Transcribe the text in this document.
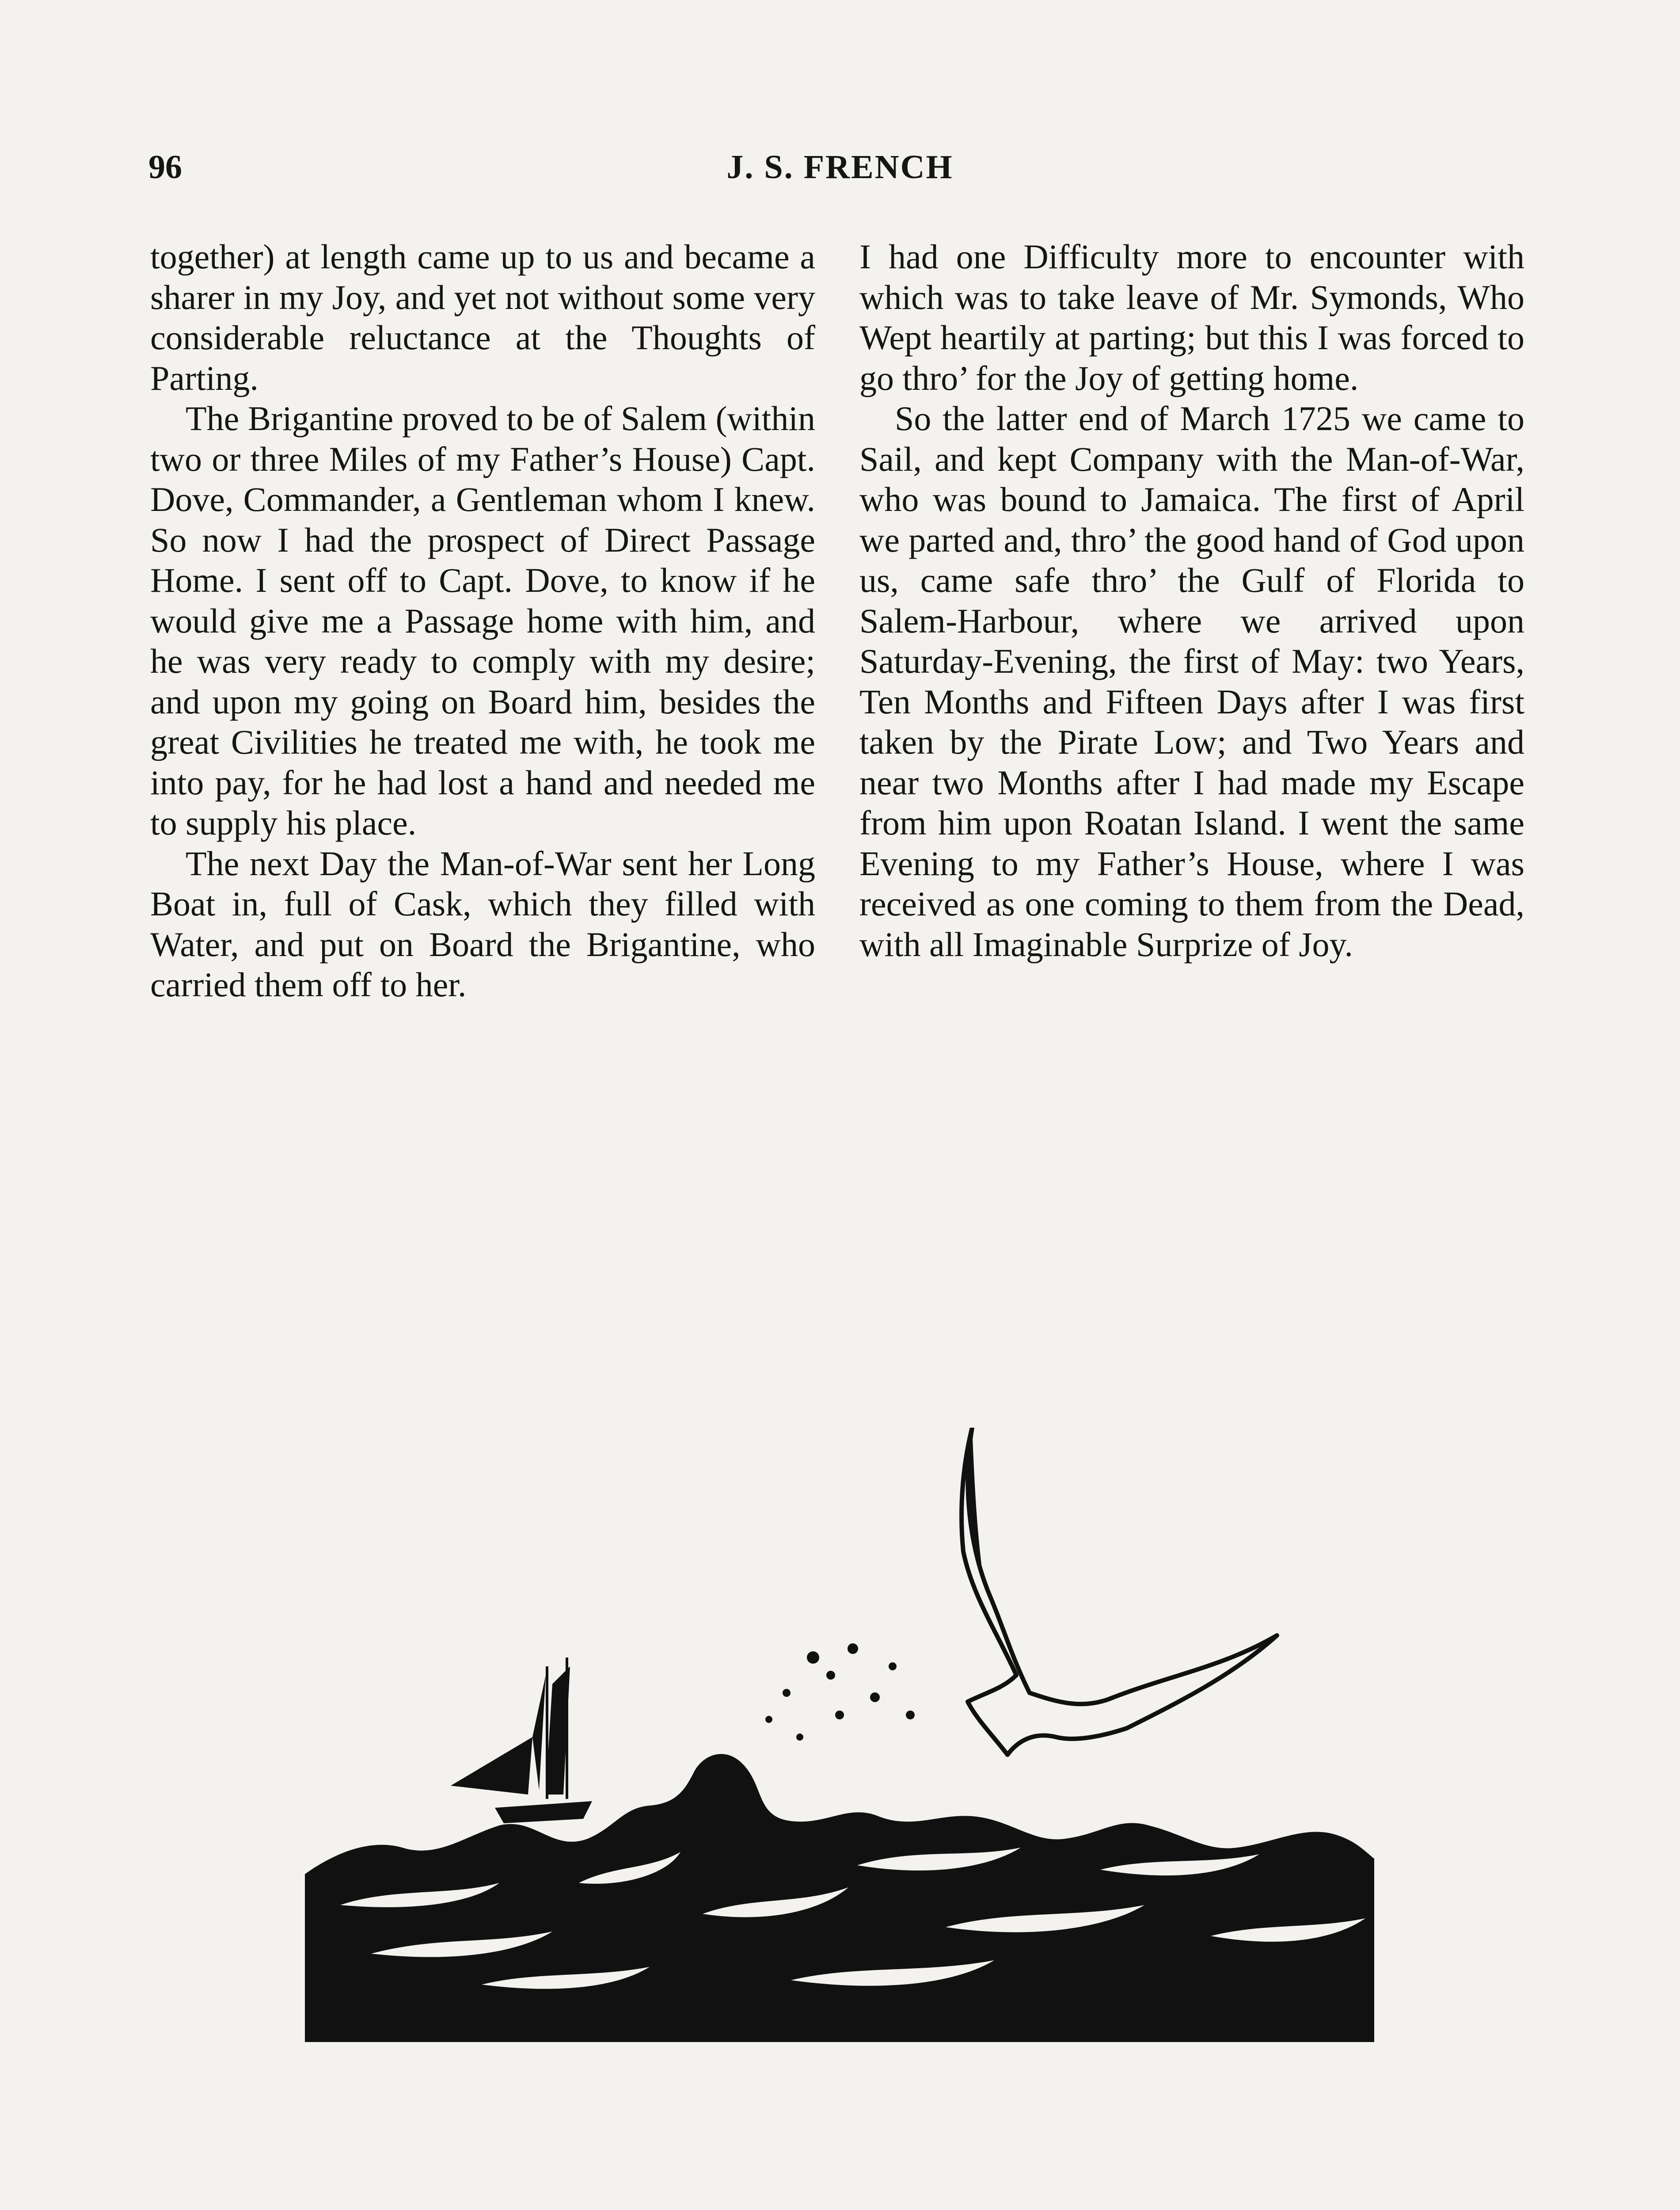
96	J. S. FRENCH

together) at length came up to us and became a sharer in my Joy, and yet not without some very considerable reluctance at the Thoughts of Parting.

The Brigantine proved to be of Salem (within two or three Miles of my Father’s House) Capt. Dove, Commander, a Gentleman whom I knew. So now I had the prospect of Direct Passage Home. I sent off to Capt. Dove, to know if he would give me a Passage home with him, and he was very ready to comply with my desire; and upon my going on Board him, besides the great Civilities he treated me with, he took me into pay, for he had lost a hand and needed me to supply his place.

The next Day the Man-of-War sent her Long Boat in, full of Cask, which they filled with Water, and put on Board the Brigantine, who carried them off to her.

I had one Difficulty more to encounter with which was to take leave of Mr. Symonds, Who Wept heartily at parting; but this I was forced to go thro’ for the Joy of getting home.

So the latter end of March 1725 we came to Sail, and kept Company with the Man-of-War, who was bound to Jamaica. The first of April we parted and, thro’ the good hand of God upon us, came safe thro’ the Gulf of Florida to Salem-Harbour, where we arrived upon Saturday-Evening, the first of May: two Years, Ten Months and Fifteen Days after I was first taken by the Pirate Low; and Two Years and near two Months after I had made my Escape from him upon Roatan Island. I went the same Evening to my Father’s House, where I was received as one coming to them from the Dead, with all Imaginable Surprize of Joy.
